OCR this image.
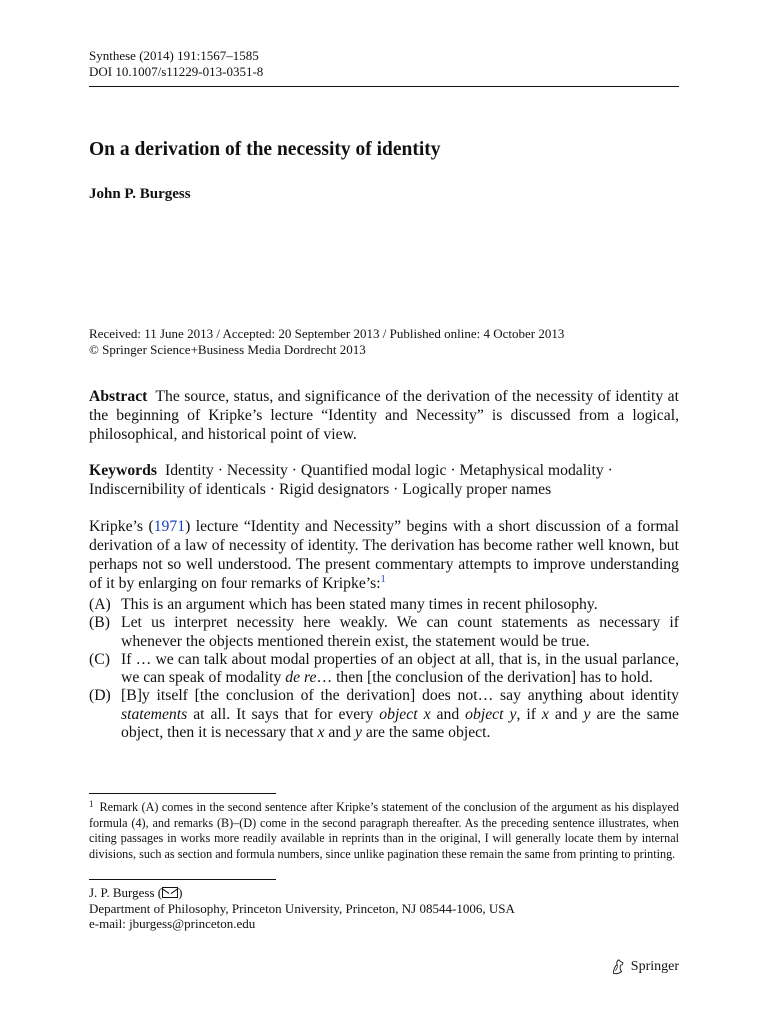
Synthese (2014) 191:1567–1585
DOI 10.1007/s11229-013-0351-8
On a derivation of the necessity of identity
John P. Burgess
Received: 11 June 2013 / Accepted: 20 September 2013 / Published online: 4 October 2013
© Springer Science+Business Media Dordrecht 2013
Abstract The source, status, and significance of the derivation of the necessity of identity at the beginning of Kripke’s lecture “Identity and Necessity” is discussed from a logical, philosophical, and historical point of view.
Keywords Identity · Necessity · Quantified modal logic · Metaphysical modality ·
Indiscernibility of identicals · Rigid designators · Logically proper names
Kripke’s (1971) lecture “Identity and Necessity” begins with a short discussion of a formal derivation of a law of necessity of identity. The derivation has become rather well known, but perhaps not so well understood. The present commentary attempts to improve understanding of it by enlarging on four remarks of Kripke’s:$^1$
(A) This is an argument which has been stated many times in recent philosophy.
(B) Let us interpret necessity here weakly. We can count statements as necessary if whenever the objects mentioned therein exist, the statement would be true.
(C) If … we can talk about modal properties of an object at all, that is, in the usual parlance, we can speak of modality de re… then [the conclusion of the derivation] has to hold.
(D) [B]y itself [the conclusion of the derivation] does not… say anything about identity statements at all. It says that for every object x and object y, if x and y are the same object, then it is necessary that x and y are the same object.
$^1$ Remark (A) comes in the second sentence after Kripke’s statement of the conclusion of the argument as his displayed formula (4), and remarks (B)–(D) come in the second paragraph thereafter. As the preceding sentence illustrates, when citing passages in works more readily available in reprints than in the original, I will generally locate them by internal divisions, such as section and formula numbers, since unlike pagination these remain the same from printing to printing.
J. P. Burgess ( )
Department of Philosophy, Princeton University, Princeton, NJ 08544-1006, USA
e-mail: jburgess@princeton.edu
Springer
